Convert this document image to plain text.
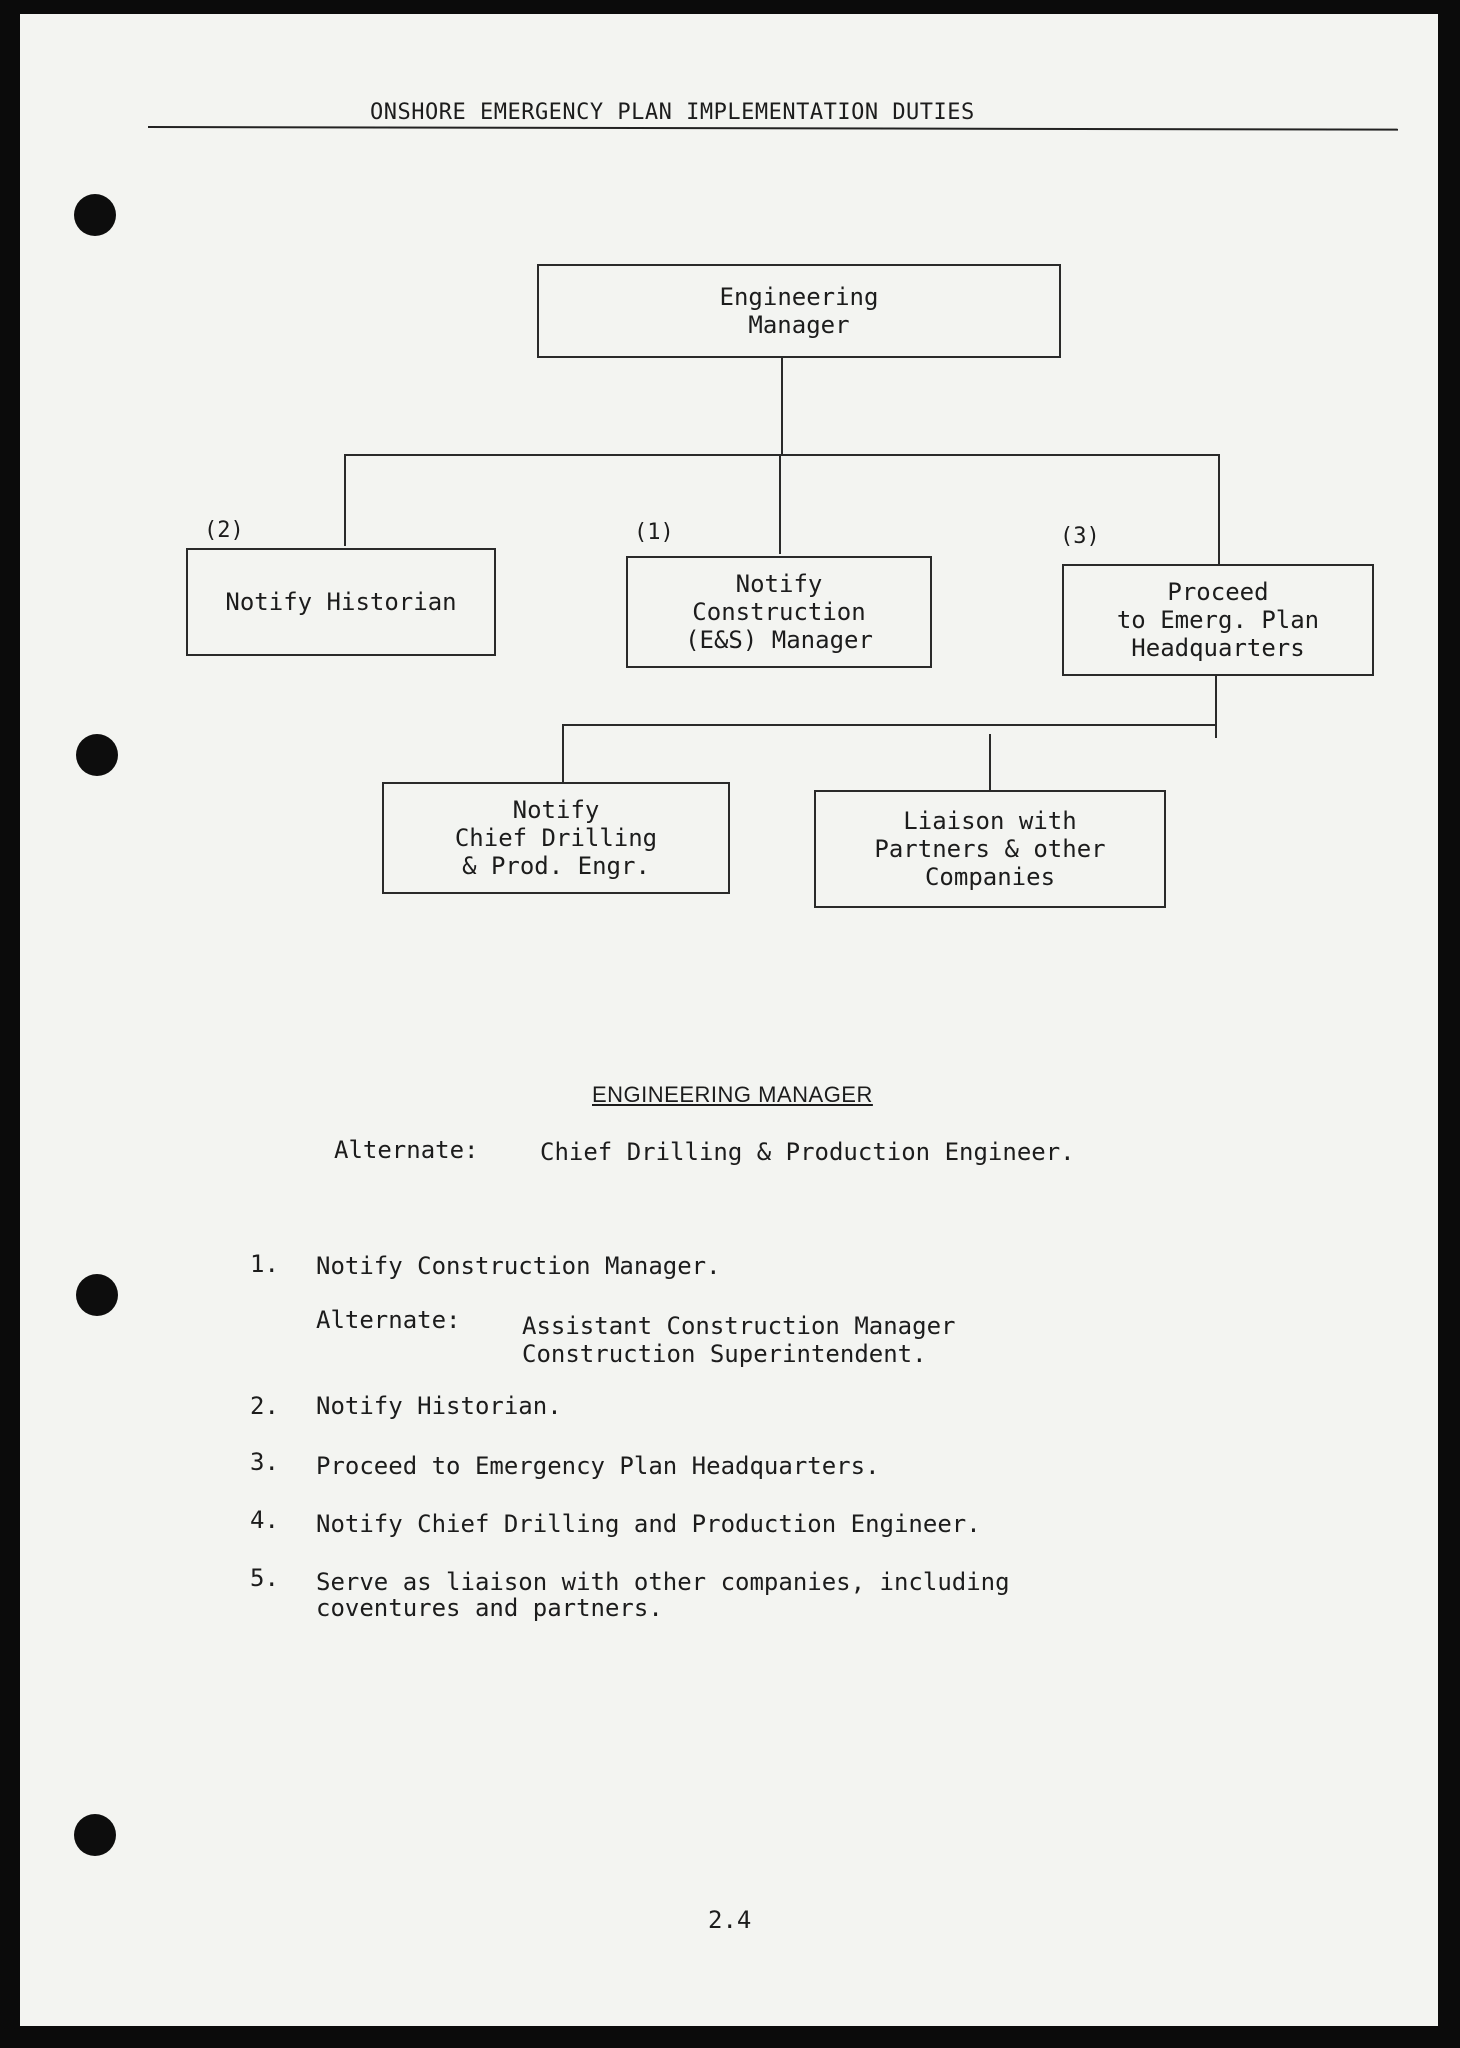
ONSHORE EMERGENCY PLAN IMPLEMENTATION DUTIES
Engineering
Manager
(2)
Notify Historian
(1)
Notify
Construction
(E&S) Manager
(3)
Proceed
to Emerg. Plan
Headquarters
Notify
Chief Drilling
& Prod. Engr.
Liaison with
Partners & other
Companies
ENGINEERING MANAGER
Alternate:	Chief Drilling & Production Engineer.
1. Notify Construction Manager.
Alternate:	Assistant Construction Manager
Construction Superintendent.
2. Notify Historian.
3. Proceed to Emergency Plan Headquarters.
4. Notify Chief Drilling and Production Engineer.
5. Serve as liaison with other companies, including
coventures and partners.
2.4
